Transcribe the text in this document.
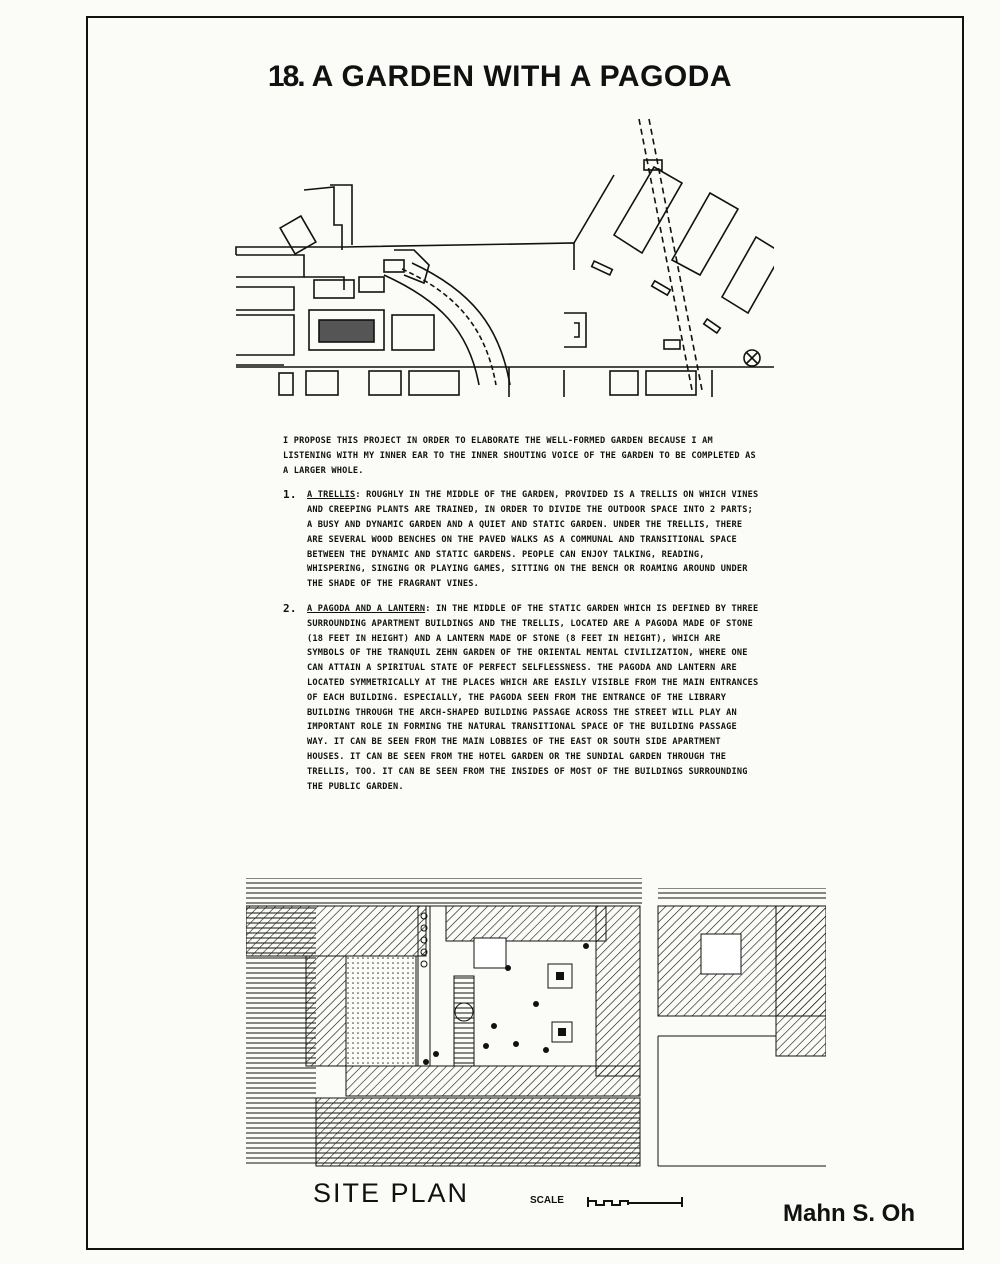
18. A GARDEN WITH A PAGODA

I PROPOSE THIS PROJECT IN ORDER TO ELABORATE THE WELL-FORMED GARDEN BECAUSE I AM LISTENING WITH MY INNER EAR TO THE INNER SHOUTING VOICE OF THE GARDEN TO BE COMPLETED AS A LARGER WHOLE.

1. A TRELLIS: ROUGHLY IN THE MIDDLE OF THE GARDEN, PROVIDED IS A TRELLIS ON WHICH VINES AND CREEPING PLANTS ARE TRAINED, IN ORDER TO DIVIDE THE OUTDOOR SPACE INTO 2 PARTS; A BUSY AND DYNAMIC GARDEN AND A QUIET AND STATIC GARDEN. UNDER THE TRELLIS, THERE ARE SEVERAL WOOD BENCHES ON THE PAVED WALKS AS A COMMUNAL AND TRANSITIONAL SPACE BETWEEN THE DYNAMIC AND STATIC GARDENS. PEOPLE CAN ENJOY TALKING, READING, WHISPERING, SINGING OR PLAYING GAMES, SITTING ON THE BENCH OR ROAMING AROUND UNDER THE SHADE OF THE FRAGRANT VINES.
2. A PAGODA AND A LANTERN: IN THE MIDDLE OF THE STATIC GARDEN WHICH IS DEFINED BY THREE SURROUNDING APARTMENT BUILDINGS AND THE TRELLIS, LOCATED ARE A PAGODA MADE OF STONE (18 FEET IN HEIGHT) AND A LANTERN MADE OF STONE (8 FEET IN HEIGHT), WHICH ARE SYMBOLS OF THE TRANQUIL ZEHN GARDEN OF THE ORIENTAL MENTAL CIVILIZATION, WHERE ONE CAN ATTAIN A SPIRITUAL STATE OF PERFECT SELFLESSNESS. THE PAGODA AND LANTERN ARE LOCATED SYMMETRICALLY AT THE PLACES WHICH ARE EASILY VISIBLE FROM THE MAIN ENTRANCES OF EACH BUILDING. ESPECIALLY, THE PAGODA SEEN FROM THE ENTRANCE OF THE LIBRARY BUILDING THROUGH THE ARCH-SHAPED BUILDING PASSAGE ACROSS THE STREET WILL PLAY AN IMPORTANT ROLE IN FORMING THE NATURAL TRANSITIONAL SPACE OF THE BUILDING PASSAGE WAY. IT CAN BE SEEN FROM THE MAIN LOBBIES OF THE EAST OR SOUTH SIDE APARTMENT HOUSES. IT CAN BE SEEN FROM THE HOTEL GARDEN OR THE SUNDIAL GARDEN THROUGH THE TRELLIS, TOO. IT CAN BE SEEN FROM THE INSIDES OF MOST OF THE BUILDINGS SURROUNDING THE PUBLIC GARDEN.
SITE PLAN	SCALE	Mahn S. Oh
